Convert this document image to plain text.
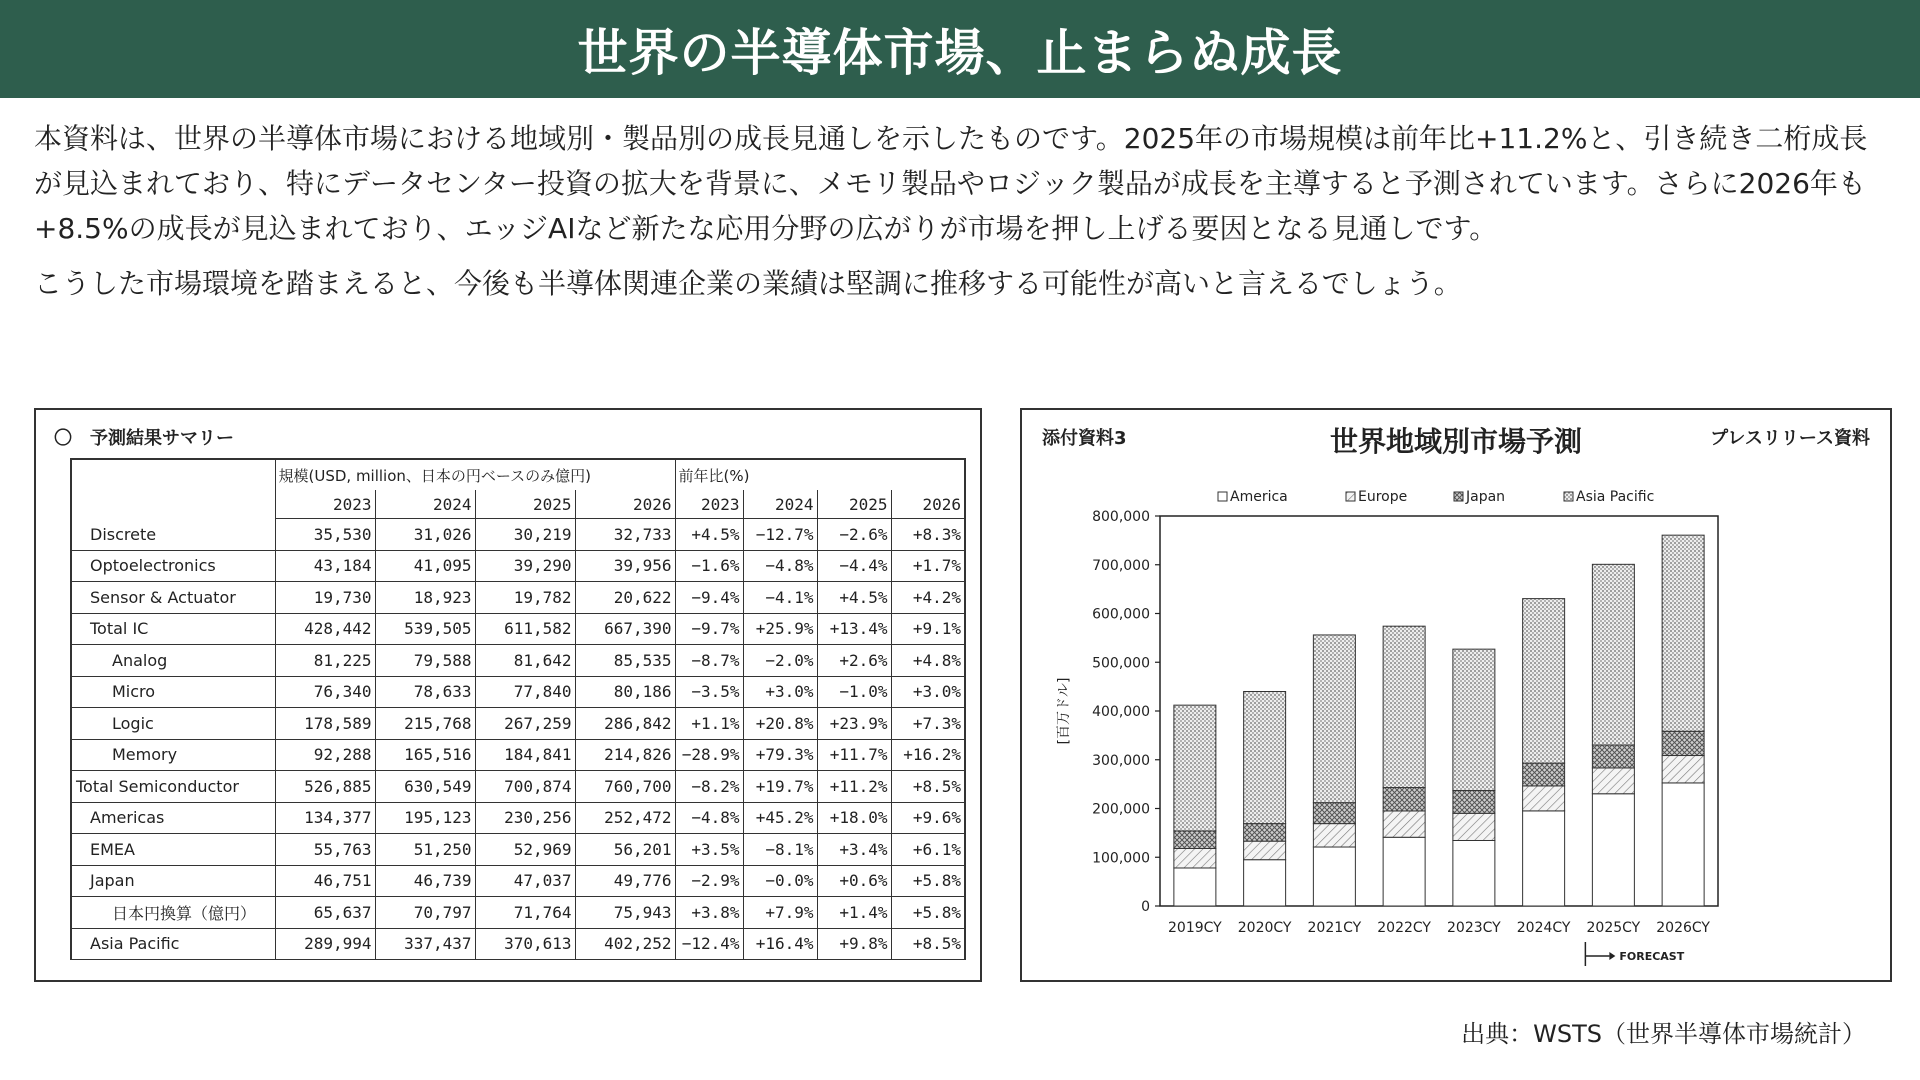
世界の半導体市場、止まらぬ成長

本資料は、世界の半導体市場における地域別・製品別の成長見通しを示したものです。2025年の市場規模は前年比+11.2%と、引き続き二桁成長が見込まれており、特にデータセンター投資の拡大を背景に、メモリ製品やロジック製品が成長を主導すると予測されています。さらに2026年も+8.5%の成長が見込まれており、エッジAIなど新たな応用分野の広がりが市場を押し上げる要因となる見通しです。

こうした市場環境を踏まえると、今後も半導体関連企業の業績は堅調に推移する可能性が高いと言えるでしょう。

〇　予測結果サマリー
	規模(USD, million、日本の円ベースのみ億円)				前年比(%)			
	2023	2024	2025	2026	2023	2024	2025	2026
Discrete	35,530	31,026	30,219	32,733	+4.5%	−12.7%	−2.6%	+8.3%
Optoelectronics	43,184	41,095	39,290	39,956	−1.6%	−4.8%	−4.4%	+1.7%
Sensor & Actuator	19,730	18,923	19,782	20,622	−9.4%	−4.1%	+4.5%	+4.2%
Total IC	428,442	539,505	611,582	667,390	−9.7%	+25.9%	+13.4%	+9.1%
Analog	81,225	79,588	81,642	85,535	−8.7%	−2.0%	+2.6%	+4.8%
Micro	76,340	78,633	77,840	80,186	−3.5%	+3.0%	−1.0%	+3.0%
Logic	178,589	215,768	267,259	286,842	+1.1%	+20.8%	+23.9%	+7.3%
Memory	92,288	165,516	184,841	214,826	−28.9%	+79.3%	+11.7%	+16.2%
Total Semiconductor	526,885	630,549	700,874	760,700	−8.2%	+19.7%	+11.2%	+8.5%
Americas	134,377	195,123	230,256	252,472	−4.8%	+45.2%	+18.0%	+9.6%
EMEA	55,763	51,250	52,969	56,201	+3.5%	−8.1%	+3.4%	+6.1%
Japan	46,751	46,739	47,037	49,776	−2.9%	−0.0%	+0.6%	+5.8%
日本円換算（億円）	65,637	70,797	71,764	75,943	+3.8%	+7.9%	+1.4%	+5.8%
Asia Pacific	289,994	337,437	370,613	402,252	−12.4%	+16.4%	+9.8%	+8.5%
添付資料3	世界地域別市場予測	プレスリリース資料
0
100,000
200,000
300,000
400,000
500,000
600,000
700,000
800,000
[百万ドル]
America	Europe	Japan	Asia Pacific
2019CY 2020CY 2021CY 2022CY 2023CY 2024CY 2025CY 2026CY
FORECAST
出典：WSTS（世界半導体市場統計）
